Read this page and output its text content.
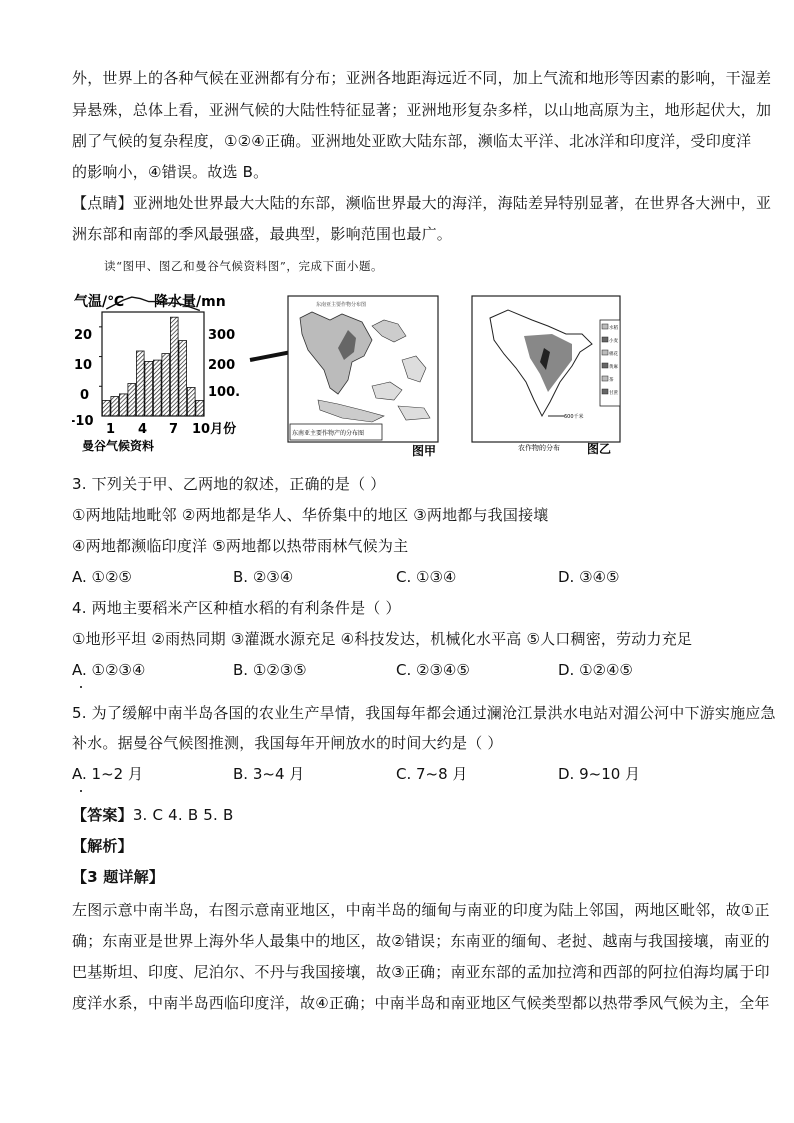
外，世界上的各种气候在亚洲都有分布；亚洲各地距海远近不同，加上气流和地形等因素的影响，干湿差
异悬殊，总体上看，亚洲气候的大陆性特征显著；亚洲地形复杂多样，以山地高原为主，地形起伏大，加
剧了气候的复杂程度，①②④正确。亚洲地处亚欧大陆东部，濒临太平洋、北冰洋和印度洋，受印度洋
的影响小，④错误。故选 B。
【点睛】亚洲地处世界最大大陆的东部，濒临世界最大的海洋，海陆差异特别显著，在世界各大洲中，亚
洲东部和南部的季风最强盛，最典型，影响范围也最广。
读“图甲、图乙和曼谷气候资料图”，完成下面小题。
气温/℃ 降水量/mn
20
10
0
-10
300
200
100.
1 4 7 10月份
曼谷气候资料
东南亚主要作物分布图
东南亚主要作物产的分布图
图甲
水稻
小麦
棉花
黄麻
茶
甘蔗
600千米
农作物的分布 图乙
3. 下列关于甲、乙两地的叙述，正确的是（ ）
①两地陆地毗邻 ②两地都是华人、华侨集中的地区 ③两地都与我国接壤
④两地都濒临印度洋 ⑤两地都以热带雨林气候为主
A. ①②⑤	B. ②③④	C. ①③④	D. ③④⑤
4. 两地主要稻米产区种植水稻的有利条件是（ ）
①地形平坦 ②雨热同期 ③灌溉水源充足 ④科技发达，机械化水平高 ⑤人口稠密，劳动力充足
A. ①②③④	B. ①②③⑤	C. ②③④⑤	D. ①②④⑤
5. 为了缓解中南半岛各国的农业生产旱情，我国每年都会通过澜沧江景洪水电站对湄公河中下游实施应急
补水。据曼谷气候图推测，我国每年开闸放水的时间大约是（ ）
A. 1~2 月	B. 3~4 月	C. 7~8 月	D. 9~10 月
【答案】3. C 4. B 5. B
【解析】
【3 题详解】
左图示意中南半岛，右图示意南亚地区，中南半岛的缅甸与南亚的印度为陆上邻国，两地区毗邻，故①正
确；东南亚是世界上海外华人最集中的地区，故②错误；东南亚的缅甸、老挝、越南与我国接壤，南亚的
巴基斯坦、印度、尼泊尔、不丹与我国接壤，故③正确；南亚东部的孟加拉湾和西部的阿拉伯海均属于印
度洋水系，中南半岛西临印度洋，故④正确；中南半岛和南亚地区气候类型都以热带季风气候为主，全年
